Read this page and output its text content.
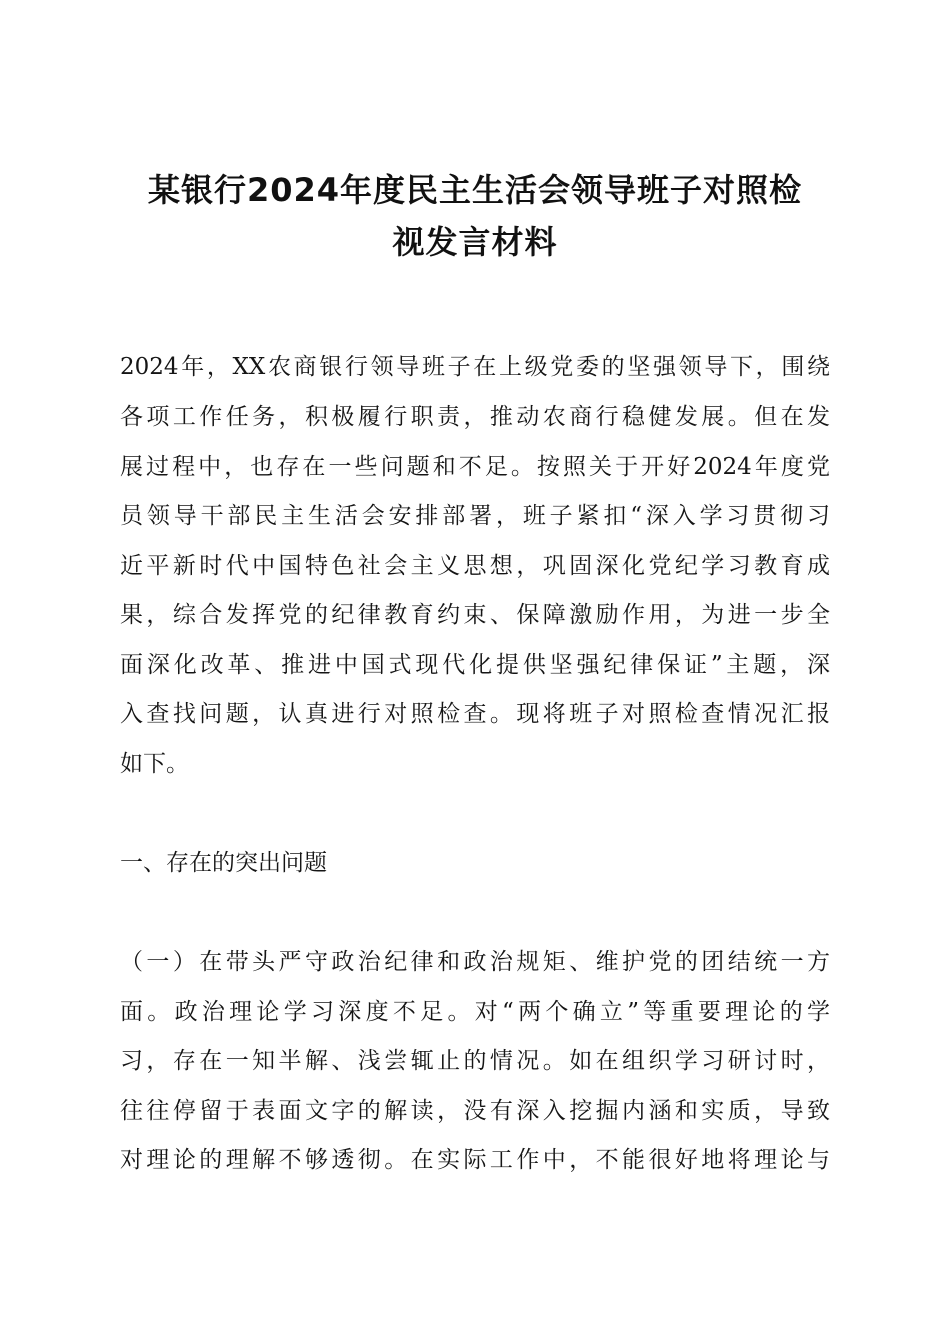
某银行2024年度民主生活会领导班子对照检
视发言材料
2024年，XX农商银行领导班子在上级党委的坚强领导下，围绕
各项工作任务，积极履行职责，推动农商行稳健发展。但在发
展过程中，也存在一些问题和不足。按照关于开好2024年度党
员领导干部民主生活会安排部署，班子紧扣“深入学习贯彻习
近平新时代中国特色社会主义思想，巩固深化党纪学习教育成
果，综合发挥党的纪律教育约束、保障激励作用，为进一步全
面深化改革、推进中国式现代化提供坚强纪律保证”主题，深
入查找问题，认真进行对照检查。现将班子对照检查情况汇报
如下。
一、存在的突出问题
（一）在带头严守政治纪律和政治规矩、维护党的团结统一方
面。政治理论学习深度不足。对“两个确立”等重要理论的学
习，存在一知半解、浅尝辄止的情况。如在组织学习研讨时，
往往停留于表面文字的解读，没有深入挖掘内涵和实质，导致
对理论的理解不够透彻。在实际工作中，不能很好地将理论与
